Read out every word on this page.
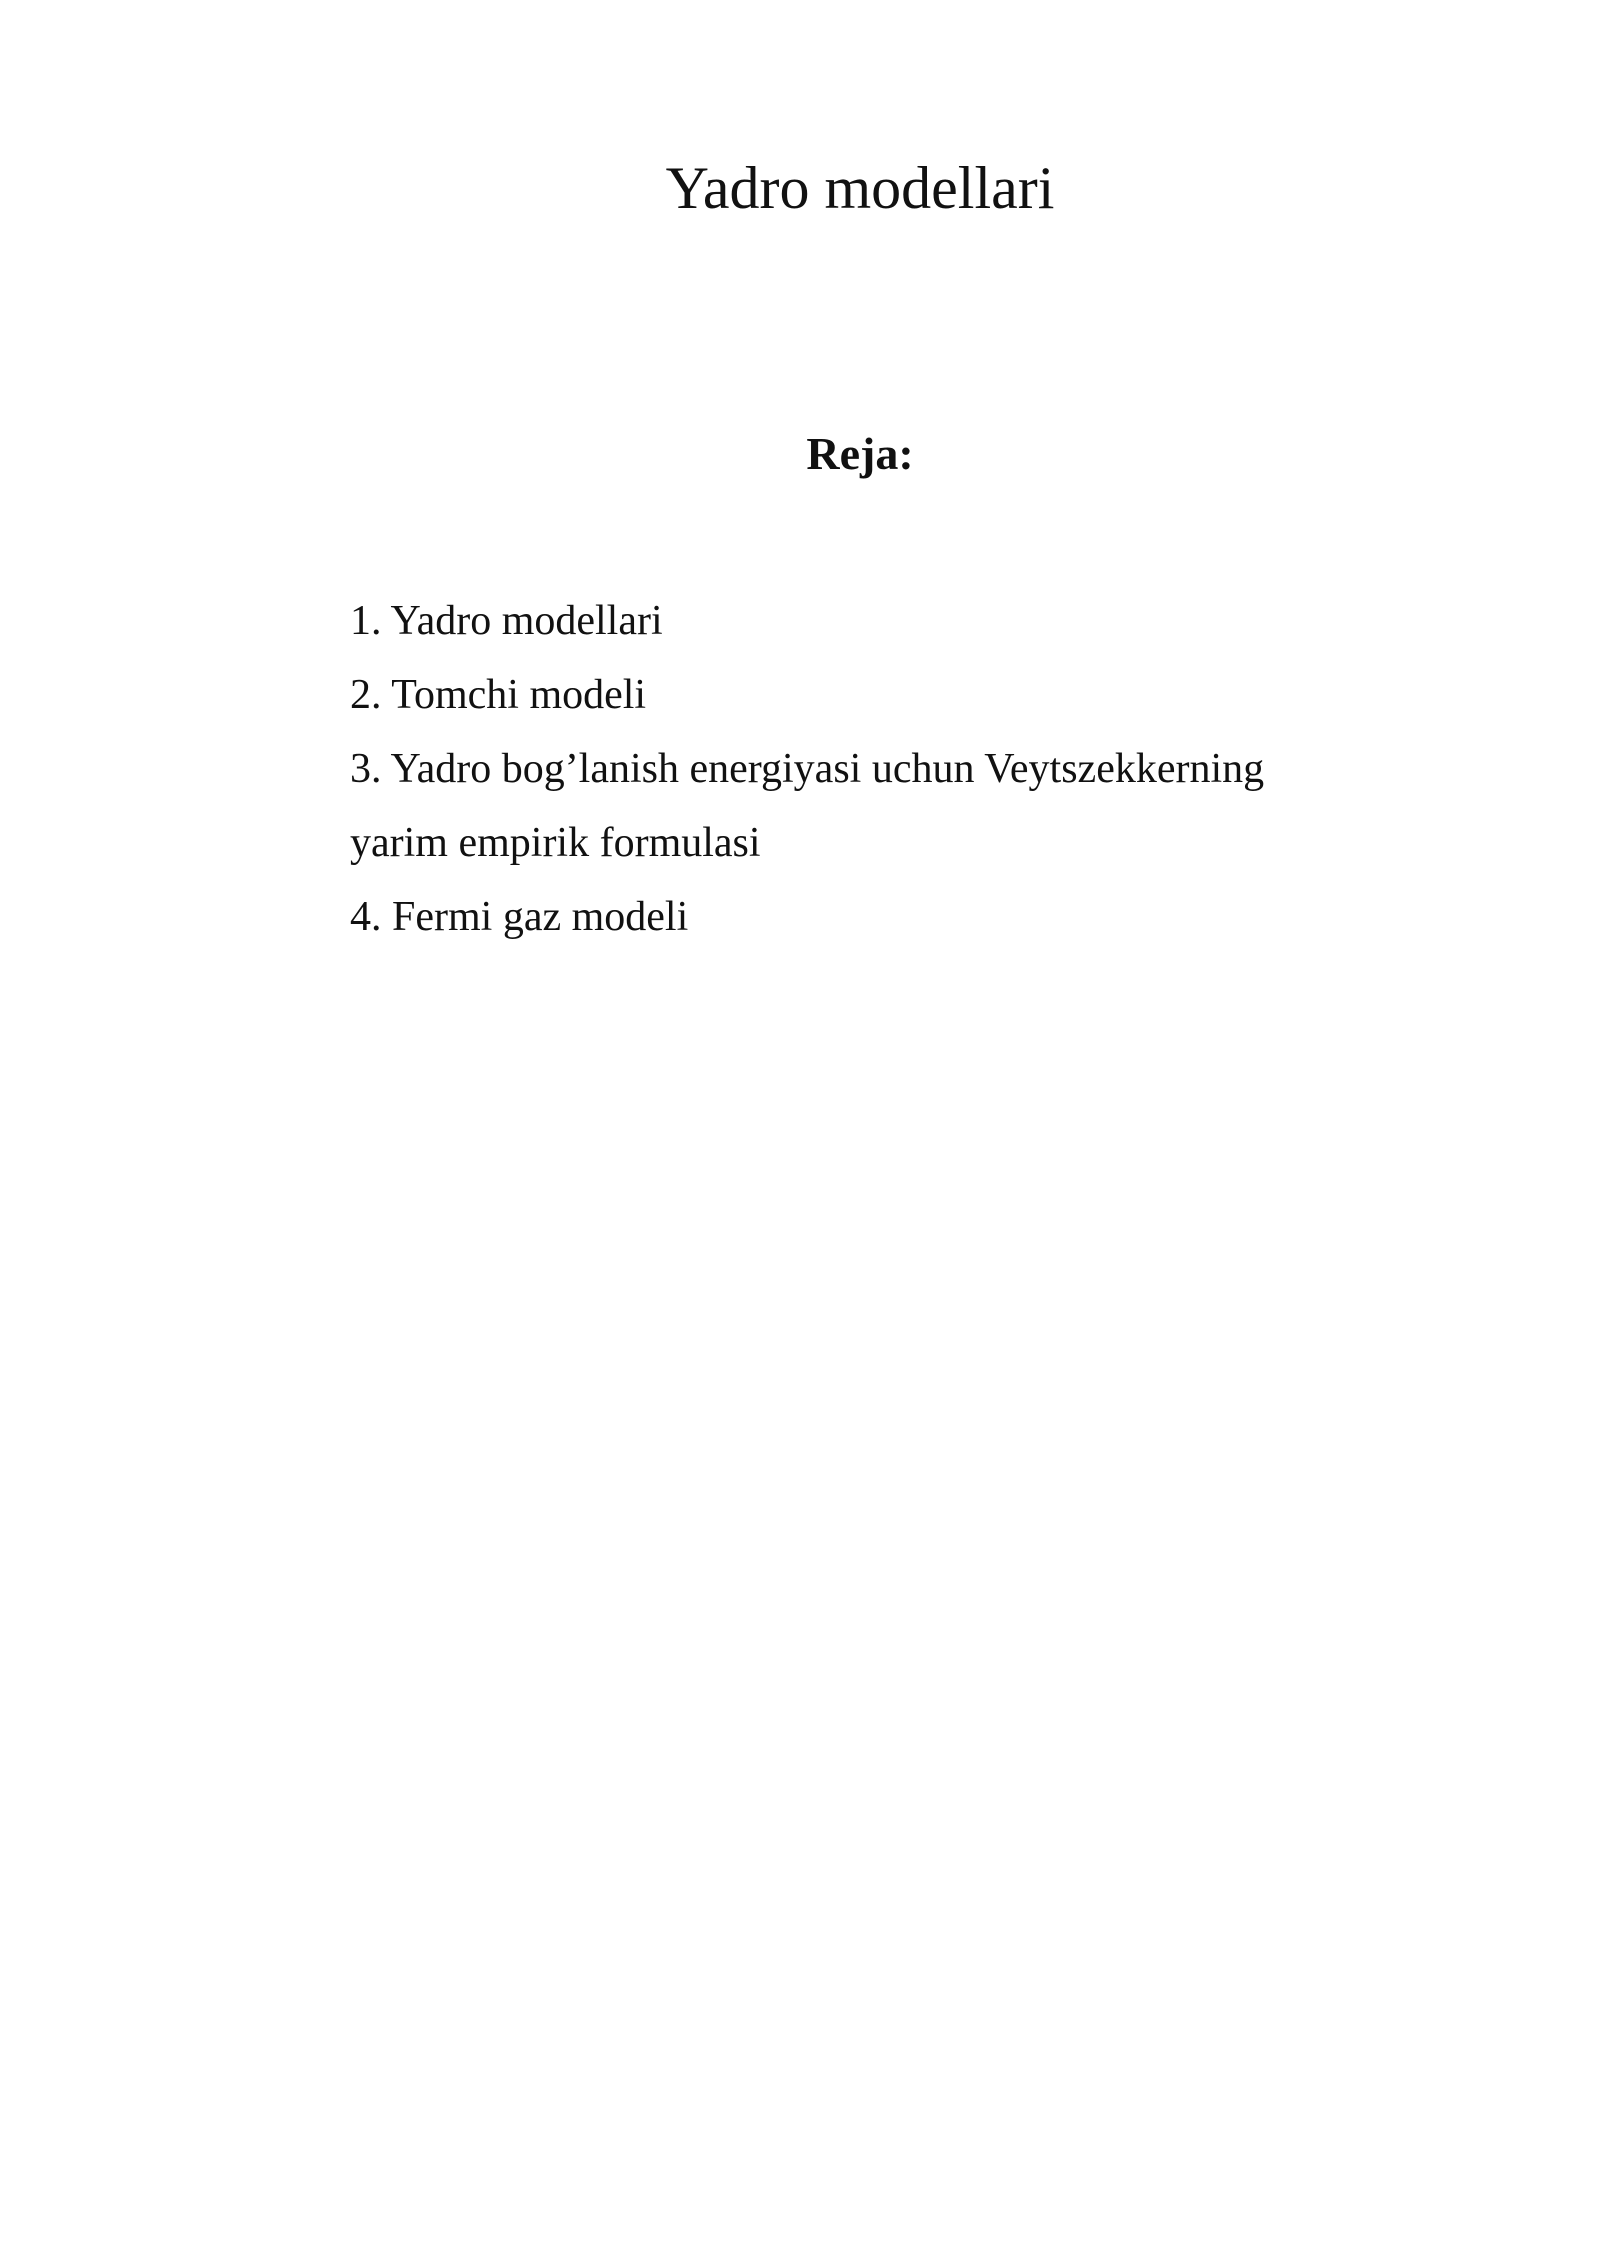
Yadro modellari
Reja:
1. Yadro modellari
2. Tomchi modeli
3. Yadro bog’lanish energiyasi uchun Veytszekkerning
yarim empirik formulasi
4. Fermi gaz modeli
